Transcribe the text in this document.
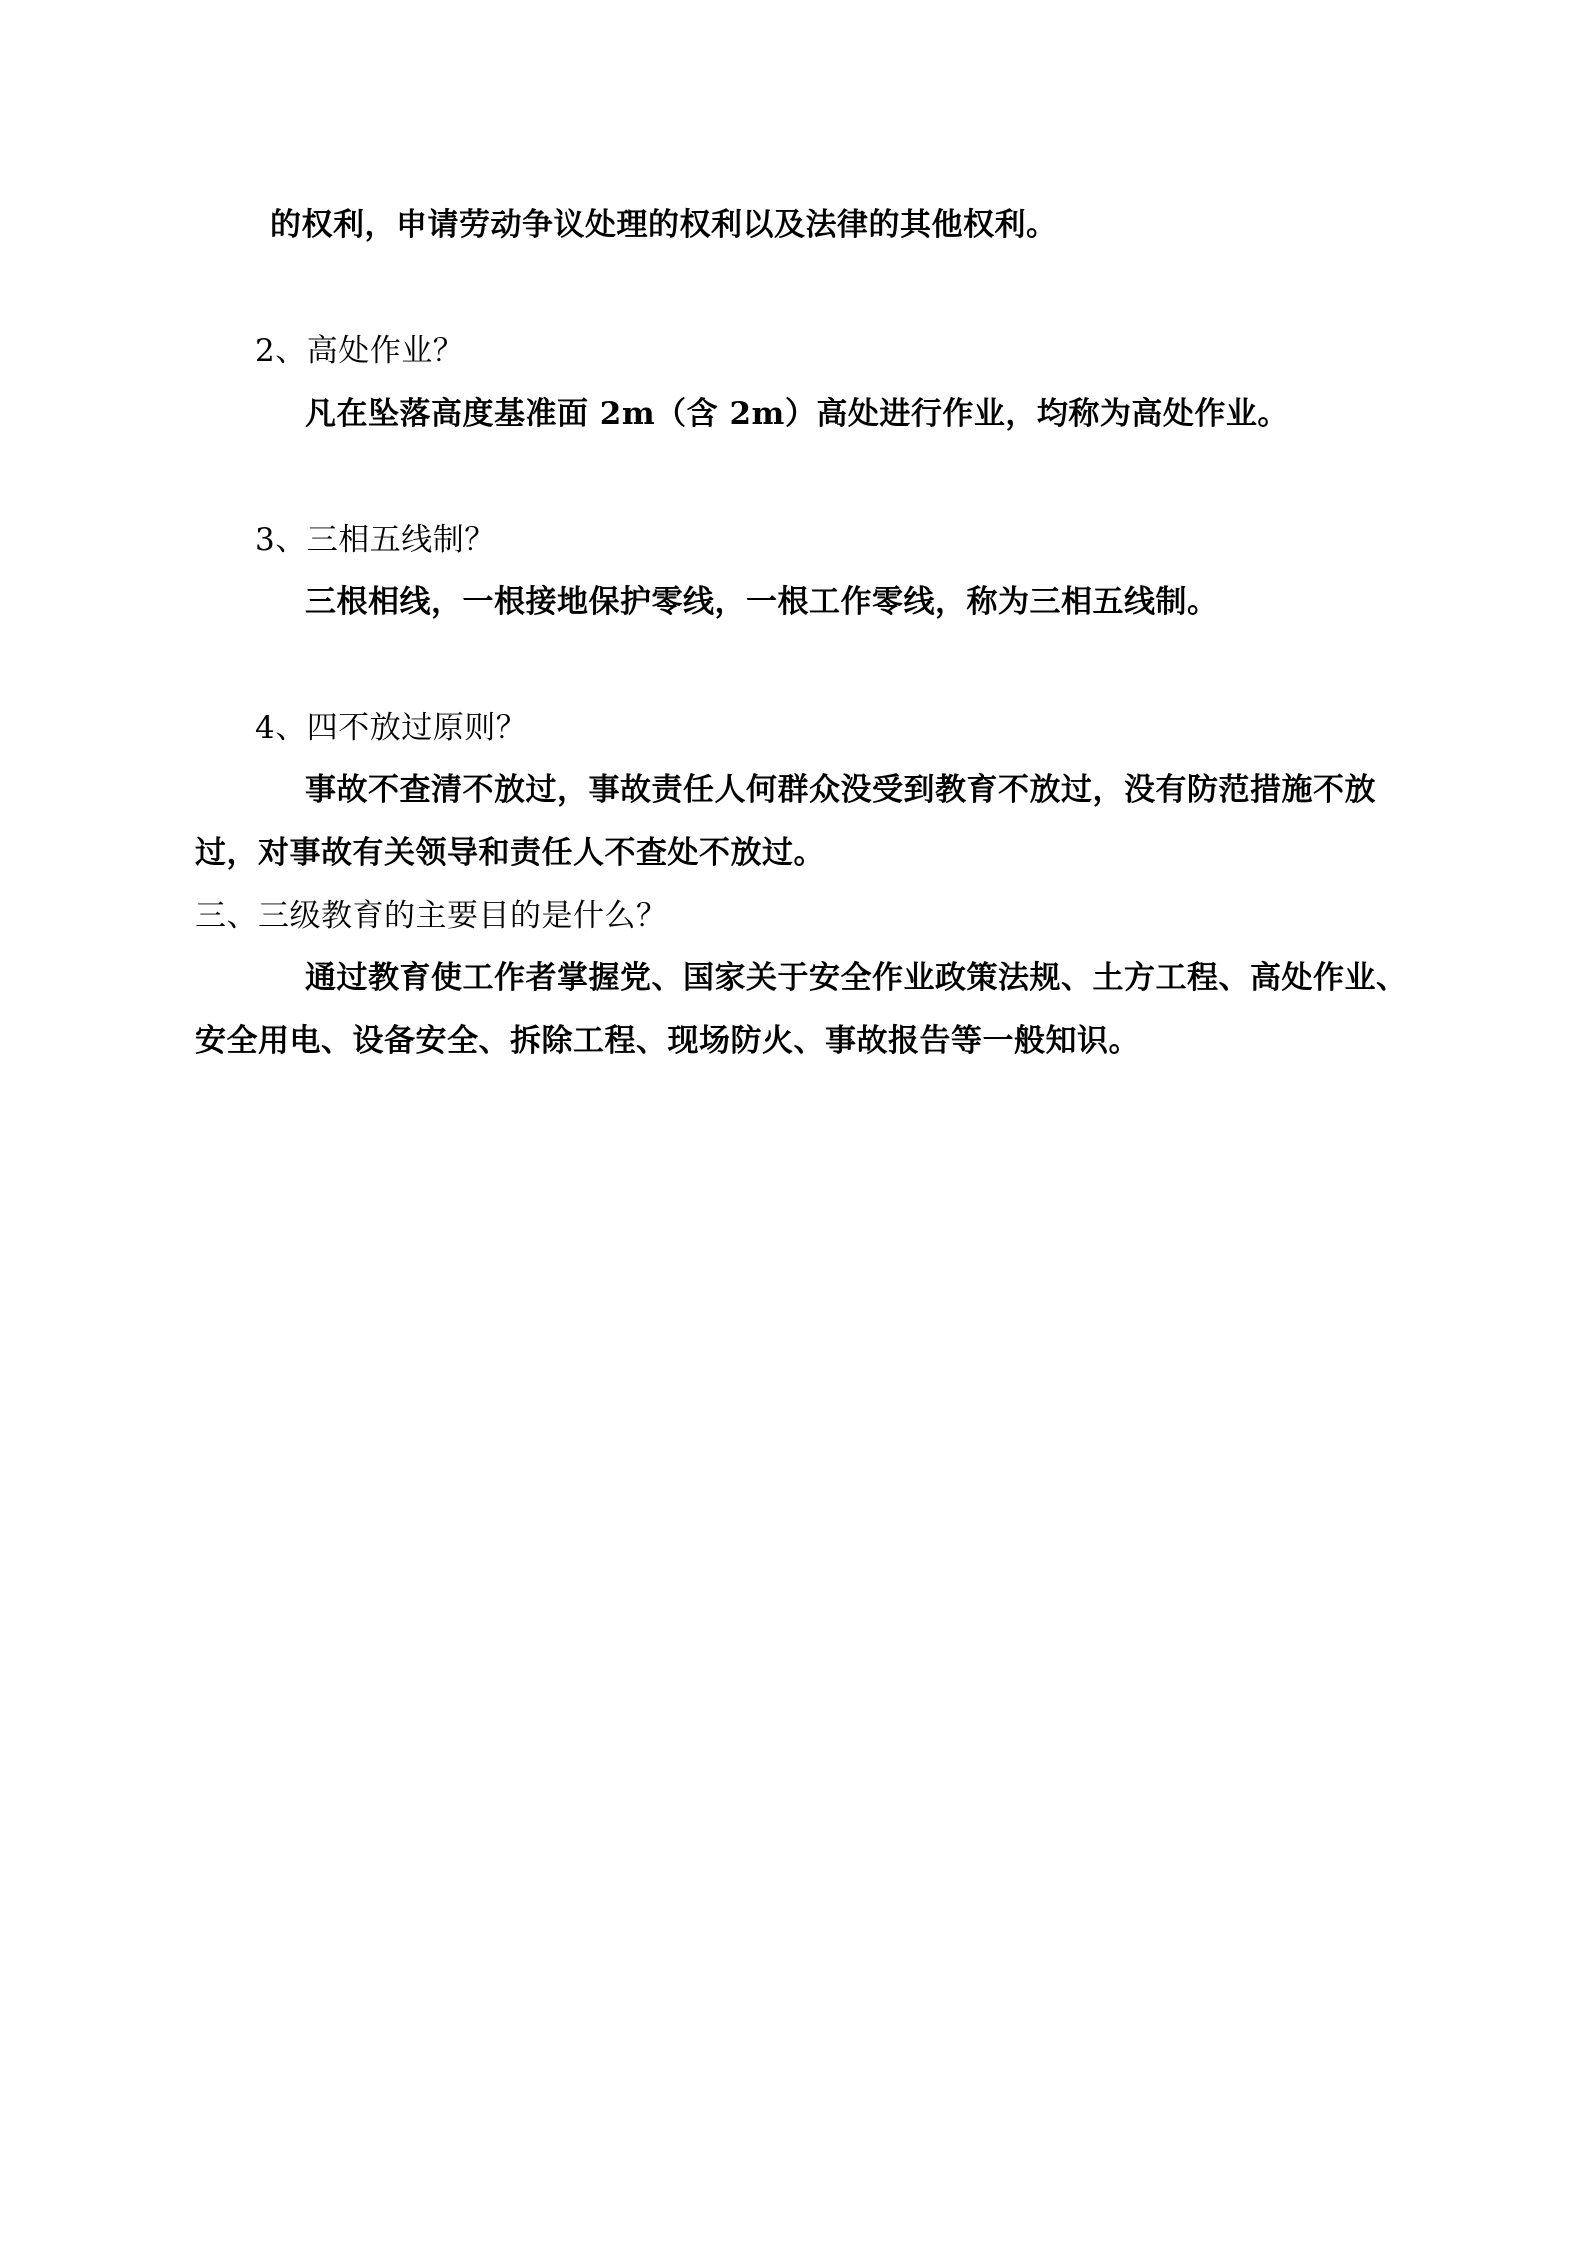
的权利，申请劳动争议处理的权利以及法律的其他权利。
2、高处作业？
凡在坠落高度基准面 2m（含 2m）高处进行作业，均称为高处作业。
3、三相五线制？
三根相线，一根接地保护零线，一根工作零线，称为三相五线制。
4、四不放过原则？
事故不查清不放过，事故责任人何群众没受到教育不放过，没有防范措施不放
过，对事故有关领导和责任人不查处不放过。
三、三级教育的主要目的是什么？
通过教育使工作者掌握党、国家关于安全作业政策法规、土方工程、高处作业、
安全用电、设备安全、拆除工程、现场防火、事故报告等一般知识。
